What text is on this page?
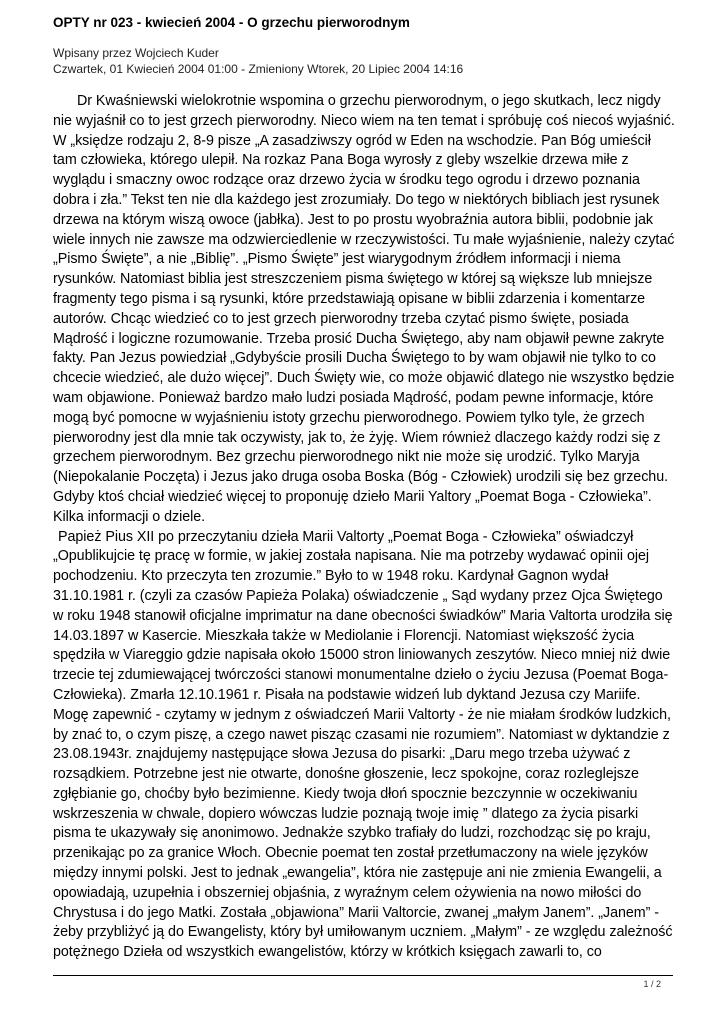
OPTY nr 023 - kwiecień 2004 - O grzechu pierworodnym
Wpisany przez Wojciech Kuder
Czwartek, 01 Kwiecień 2004 01:00 - Zmieniony Wtorek, 20 Lipiec 2004 14:16

Dr Kwaśniewski wielokrotnie wspomina o grzechu pierworodnym, o jego skutkach, lecz nigdy nie wyjaśnił co to jest grzech pierworodny. Nieco wiem na ten temat i spróbuję coś niecoś wyjaśnić. W „księdze rodzaju 2, 8-9 pisze „A zasadziwszy ogród w Eden na wschodzie. Pan Bóg umieścił tam człowieka, którego ulepił. Na rozkaz Pana Boga wyrosły z gleby wszelkie drzewa miłe z wyglądu i smaczny owoc rodzące oraz drzewo życia w środku tego ogrodu i drzewo poznania dobra i zła.” Tekst ten nie dla każdego jest zrozumiały. Do tego w niektórych bibliach jest rysunek drzewa na którym wiszą owoce (jabłka). Jest to po prostu wyobraźnia autora biblii, podobnie jak wiele innych nie zawsze ma odzwierciedlenie w rzeczywistości. Tu małe wyjaśnienie, należy czytać „Pismo Święte”, a nie „Biblię”. „Pismo Święte” jest wiarygodnym źródłem informacji i niema rysunków. Natomiast biblia jest streszczeniem pisma świętego w której są większe lub mniejsze fragmenty tego pisma i są rysunki, które przedstawiają opisane w biblii zdarzenia i komentarze autorów. Chcąc wiedzieć co to jest grzech pierworodny trzeba czytać pismo święte, posiada Mądrość i logiczne rozumowanie. Trzeba prosić Ducha Świętego, aby nam objawił pewne zakryte fakty. Pan Jezus powiedział „Gdybyście prosili Ducha Świętego to by wam objawił nie tylko to co chcecie wiedzieć, ale dużo więcej”. Duch Święty wie, co może objawić dlatego nie wszystko będzie wam objawione. Ponieważ bardzo mało ludzi posiada Mądrość, podam pewne informacje, które mogą być pomocne w wyjaśnieniu istoty grzechu pierworodnego. Powiem tylko tyle, że grzech pierworodny jest dla mnie tak oczywisty, jak to, że żyję. Wiem również dlaczego każdy rodzi się z grzechem pierworodnym. Bez grzechu pierworodnego nikt nie może się urodzić. Tylko Maryja (Niepokalanie Poczęta) i Jezus jako druga osoba Boska (Bóg - Człowiek) urodzili się bez grzechu. Gdyby ktoś chciał wiedzieć więcej to proponuję dzieło Marii Yaltory „Poemat Boga - Człowieka”. Kilka informacji o dziele.

Papież Pius XII po przeczytaniu dzieła Marii Valtorty „Poemat Boga - Człowieka” oświadczył „Opublikujcie tę pracę w formie, w jakiej została napisana. Nie ma potrzeby wydawać opinii ojej pochodzeniu. Kto przeczyta ten zrozumie.” Było to w 1948 roku. Kardynał Gagnon wydał 31.10.1981 r. (czyli za czasów Papieża Polaka) oświadczenie „ Sąd wydany przez Ojca Świętego w roku 1948 stanowił oficjalne imprimatur na dane obecności świadków” Maria Valtorta urodziła się 14.03.1897 w Kasercie. Mieszkała także w Mediolanie i Florencji. Natomiast większość życia spędziła w Viareggio gdzie napisała około 15000 stron liniowanych zeszytów. Nieco mniej niż dwie trzecie tej zdumiewającej twórczości stanowi monumentalne dzieło o życiu Jezusa (Poemat Boga-Człowieka). Zmarła 12.10.1961 r. Pisała na podstawie widzeń lub dyktand Jezusa czy Mariife. Mogę zapewnić - czytamy w jednym z oświadczeń Marii Valtorty - że nie miałam środków ludzkich, by znać to, o czym piszę, a czego nawet pisząc czasami nie rozumiem”. Natomiast w dyktandzie z 23.08.1943r. znajdujemy następujące słowa Jezusa do pisarki: „Daru mego trzeba używać z rozsądkiem. Potrzebne jest nie otwarte, donośne głoszenie, lecz spokojne, coraz rozleglejsze zgłębianie go, choćby było bezimienne. Kiedy twoja dłoń spocznie bezczynnie w oczekiwaniu wskrzeszenia w chwale, dopiero wówczas ludzie poznają twoje imię ” dlatego za życia pisarki pisma te ukazywały się anonimowo. Jednakże szybko trafiały do ludzi, rozchodząc się po kraju, przenikając po za granice Włoch. Obecnie poemat ten został przetłumaczony na wiele języków między innymi polski. Jest to jednak „ewangelia”, która nie zastępuje ani nie zmienia Ewangelii, a opowiadają, uzupełnia i obszerniej objaśnia, z wyraźnym celem ożywienia na nowo miłości do Chrystusa i do jego Matki. Została „objawiona” Marii Valtorcie, zwanej „małym Janem”. „Janem” - żeby przybliżyć ją do Ewangelisty, który był umiłowanym uczniem. „Małym” - ze względu zależność potężnego Dzieła od wszystkich ewangelistów, którzy w krótkich księgach zawarli to, co

1 / 2
